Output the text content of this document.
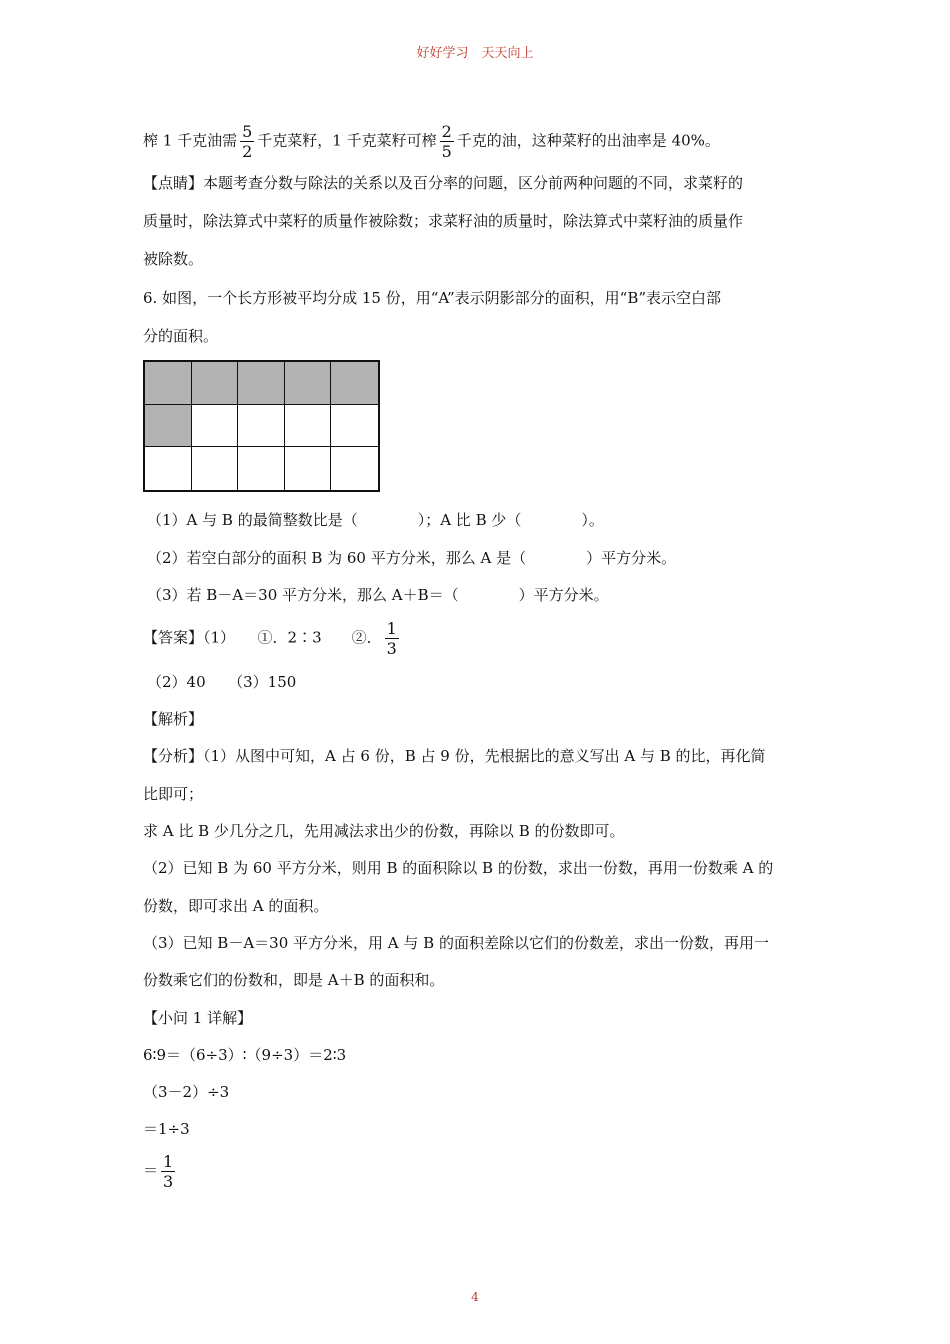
好好学习　天天向上
榨 1 千克油需 $\frac{5}{2}$ 千克菜籽，1 千克菜籽可榨 $\frac{2}{5}$ 千克的油，这种菜籽的出油率是 40%。
【点睛】本题考查分数与除法的关系以及百分率的问题，区分前两种问题的不同，求菜籽的
质量时，除法算式中菜籽的质量作被除数；求菜籽油的质量时，除法算式中菜籽油的质量作
被除数。
6. 如图，一个长方形被平均分成 15 份，用“A”表示阴影部分的面积，用“B”表示空白部
分的面积。
（1）A 与 B 的最简整数比是（　　　　）；A 比 B 少（　　　　）。
（2）若空白部分的面积 B 为 60 平方分米，那么 A 是（　　　　）平方分米。
（3）若 B－A＝30 平方分米，那么 A＋B＝（　　　　）平方分米。
【答案】（1）　　①．2∶3　　②． $\frac{1}{3}$
（2）40　　（3）150
【解析】
【分析】（1）从图中可知，A 占 6 份，B 占 9 份，先根据比的意义写出 A 与 B 的比，再化简
比即可；
求 A 比 B 少几分之几，先用减法求出少的份数，再除以 B 的份数即可。
（2）已知 B 为 60 平方分米，则用 B 的面积除以 B 的份数，求出一份数，再用一份数乘 A 的
份数，即可求出 A 的面积。
（3）已知 B－A＝30 平方分米，用 A 与 B 的面积差除以它们的份数差，求出一份数，再用一
份数乘它们的份数和，即是 A＋B 的面积和。
【小问 1 详解】
6∶9＝（6÷3）∶（9÷3）＝2∶3
（3－2）÷3
＝1÷3
＝ $\frac{1}{3}$
4
